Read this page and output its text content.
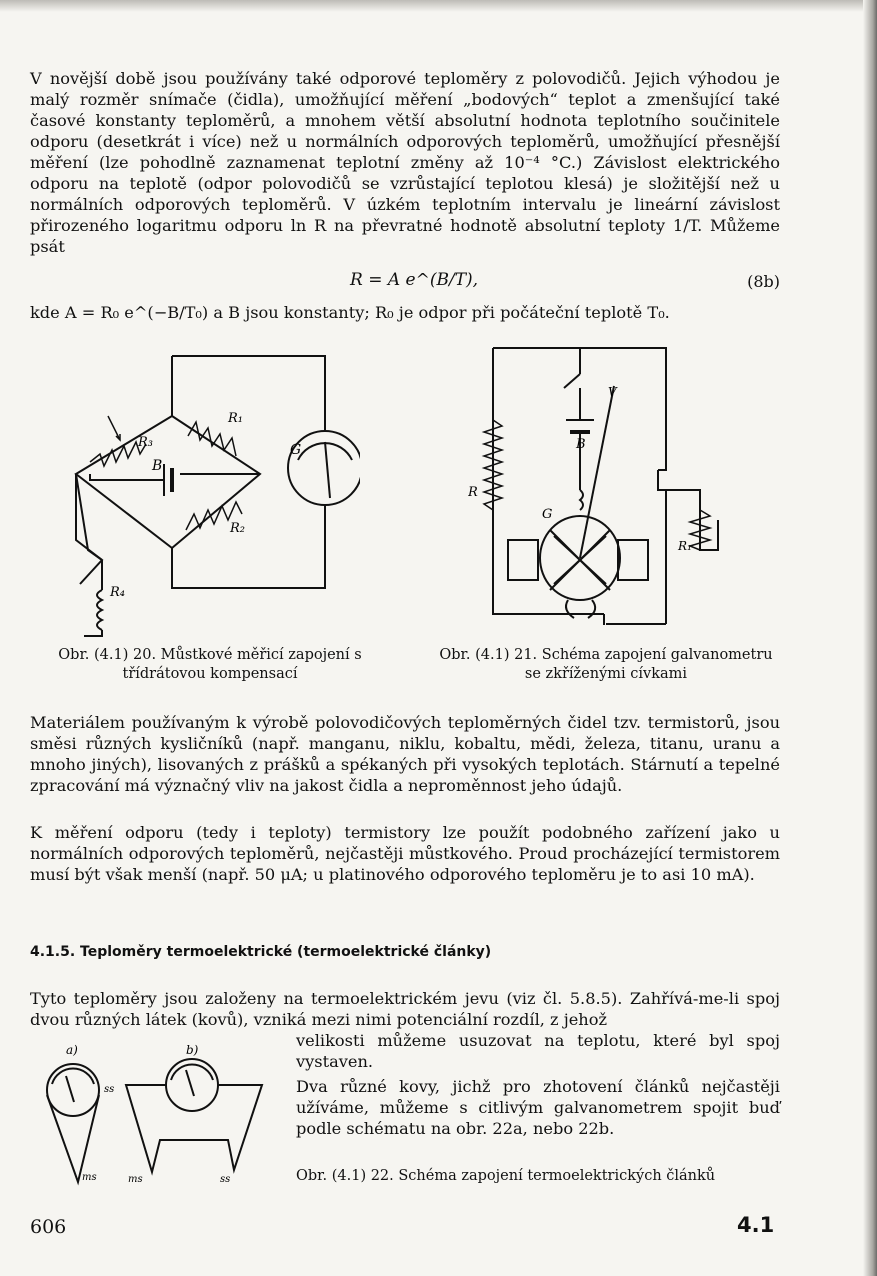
V novější době jsou používány také odporové teploměry z polovodičů. Jejich výhodou je malý rozměr snímače (čidla), umožňující měření „bodových“ teplot a zmenšující také časové konstanty teploměrů, a mnohem větší absolutní hodnota teplotního součinitele odporu (desetkrát i více) než u normálních odporových teploměrů, umožňující přesnější měření (lze pohodlně zaznamenat teplotní změny až 10⁻⁴ °C.) Závislost elektrického odporu na teplotě (odpor polovodičů se vzrůstající teplotou klesá) je složitější než u normálních odporových teploměrů. V úzkém teplotním intervalu je lineární závislost přirozeného logaritmu odporu ln R na převratné hodnotě absolutní teploty 1/T. Můžeme psát

R = A e^(B/T),	(8b)

kde A = R₀ e^(−B/T₀) a B jsou konstanty; R₀ je odpor při počáteční teplotě T₀.

R₃
R₁
R₂
R₄
B
G
Obr. (4.1) 20. Můstkové měřicí zapojení s třídrátovou kompensací
R
R₁
B
G
V
Obr. (4.1) 21. Schéma zapojení galvanometru se zkříženými cívkami

Materiálem používaným k výrobě polovodičových teploměrných čidel tzv. termistorů, jsou směsi různých kysličníků (např. manganu, niklu, kobaltu, mědi, železa, titanu, uranu a mnoho jiných), lisovaných z prášků a spékaných při vysokých teplotách. Stárnutí a tepelné zpracování má význačný vliv na jakost čidla a neproměnnost jeho údajů.

K měření odporu (tedy i teploty) termistory lze použít podobného zařízení jako u normálních odporových teploměrů, nejčastěji můstkového. Proud procházející termistorem musí být však menší (např. 50 μA; u platinového odporového teploměru je to asi 10 mA).

4.1.5. Teploměry termoelektrické (termoelektrické články)

Tyto teploměry jsou založeny na termoelektrickém jevu (viz čl. 5.8.5). Zahřívá-me-li spoj dvou různých látek (kovů), vzniká mezi nimi potenciální rozdíl, z jehož

velikosti můžeme usuzovat na teplotu, které byl spoj vystaven.

Dva různé kovy, jichž pro zhotovení článků nejčastěji užíváme, můžeme s citlivým galvanometrem spojit buď podle schématu na obr. 22a, nebo 22b.

a)	b)
ss
ms	ms	ss	Obr. (4.1) 22. Schéma zapojení termoelektrických článků
606	4.1
